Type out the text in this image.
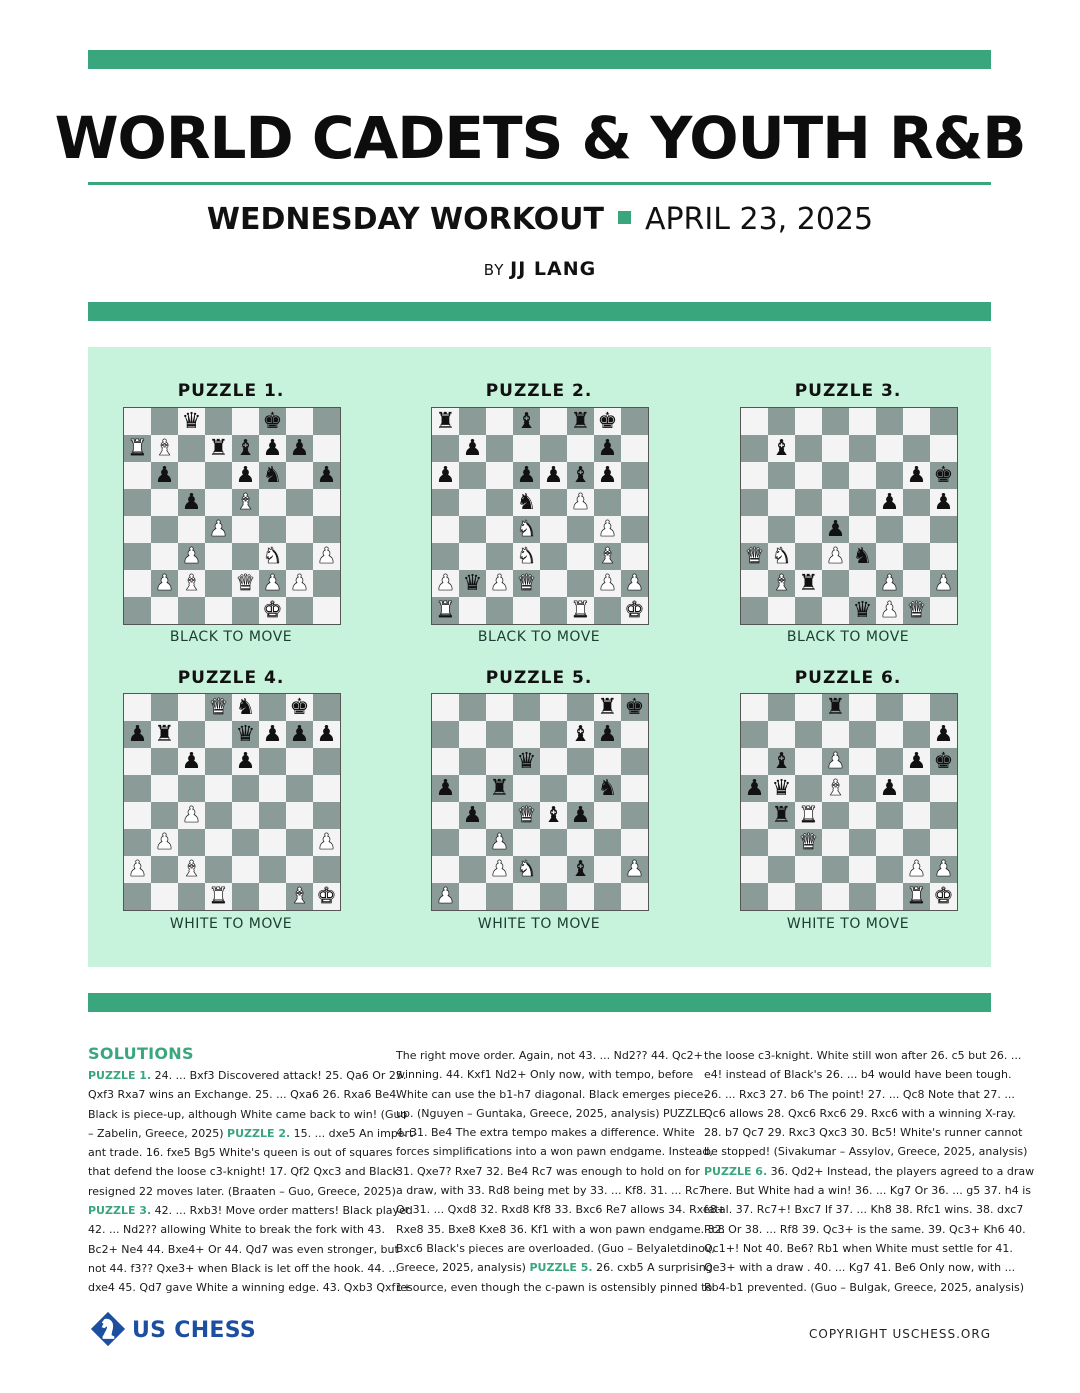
WORLD CADETS & YOUTH R&B
WEDNESDAY WORKOUT APRIL 23, 2025
BY JJ LANG
PUZZLE 1.
♛	♚
♜ ♝ ♜ ♝ ♟ ♟
♟	♟ ♞ ♟
♟ ♝
♟
♟	♞ ♟
♟ ♝ ♛ ♟ ♟
♚
BLACK TO MOVE
PUZZLE 2.
♜	♝ ♜ ♚
♟	♟
♟	♟ ♟ ♝ ♟
♞ ♟
♞	♟
♞	♝
♟ ♛ ♟ ♛	♟ ♟
♜	♜ ♚
BLACK TO MOVE
PUZZLE 3.
♝
♟ ♚
♟ ♟
♟
♛ ♞ ♟ ♞
♝ ♜	♟ ♟
♛ ♟ ♛
BLACK TO MOVE
PUZZLE 4.
♛ ♞ ♚
♟ ♜	♛ ♟ ♟ ♟
♟ ♟
♟
♟	♟
♟ ♝
♜	♝ ♚
WHITE TO MOVE
PUZZLE 5.
♜ ♚
♝ ♟
♛
♟ ♜	♞
♟ ♛ ♝ ♟
♟
♟ ♞ ♝ ♟
♟
WHITE TO MOVE
PUZZLE 6.
♜
♟
♝ ♟	♟ ♚
♟ ♛ ♝ ♟
♜ ♜
♛
♟ ♟
♜ ♚
WHITE TO MOVE
SOLUTIONS
PUZZLE 1. 24. ... Bxf3 Discovered attack! 25. Qa6 Or 25.
Qxf3 Rxa7 wins an Exchange. 25. ... Qxa6 26. Rxa6 Be4
Black is piece-up, although White came back to win! (Guo
– Zabelin, Greece, 2025) PUZZLE 2. 15. ... dxe5 An import-
ant trade. 16. fxe5 Bg5 White's queen is out of squares
that defend the loose c3-knight! 17. Qf2 Qxc3 and Black
resigned 22 moves later. (Braaten – Guo, Greece, 2025)
PUZZLE 3. 42. ... Rxb3! Move order matters! Black played
42. ... Nd2?? allowing White to break the fork with 43.
Bc2+ Ne4 44. Bxe4+ Or 44. Qd7 was even stronger, but
not 44. f3?? Qxe3+ when Black is let off the hook. 44. ...
dxe4 45. Qd7 gave White a winning edge. 43. Qxb3 Qxf1+
The right move order. Again, not 43. ... Nd2?? 44. Qc2+
winning. 44. Kxf1 Nd2+ Only now, with tempo, before
White can use the b1-h7 diagonal. Black emerges piece-
up. (Nguyen – Guntaka, Greece, 2025, analysis) PUZZLE
4. 31. Be4 The extra tempo makes a difference. White
forces simplifications into a won pawn endgame. Instead,
31. Qxe7? Rxe7 32. Be4 Rc7 was enough to hold on for
a draw, with 33. Rd8 being met by 33. ... Kf8. 31. ... Rc7
Or 31. ... Qxd8 32. Rxd8 Kf8 33. Bxc6 Re7 allows 34. Rxe8+
Rxe8 35. Bxe8 Kxe8 36. Kf1 with a won pawn endgame. 32.
Bxc6 Black's pieces are overloaded. (Guo – Belyaletdinov,
Greece, 2025, analysis) PUZZLE 5. 26. cxb5 A surprising
resource, even though the c-pawn is ostensibly pinned to
the loose c3-knight. White still won after 26. c5 but 26. ...
e4! instead of Black's 26. ... b4 would have been tough.
26. ... Rxc3 27. b6 The point! 27. ... Qc8 Note that 27. ...
Qc6 allows 28. Qxc6 Rxc6 29. Rxc6 with a winning X-ray.
28. b7 Qc7 29. Rxc3 Qxc3 30. Bc5! White's runner cannot
be stopped! (Sivakumar – Assylov, Greece, 2025, analysis)
PUZZLE 6. 36. Qd2+ Instead, the players agreed to a draw
here. But White had a win! 36. ... Kg7 Or 36. ... g5 37. h4 is
fatal. 37. Rc7+! Bxc7 If 37. ... Kh8 38. Rfc1 wins. 38. dxc7
Rc8 Or 38. ... Rf8 39. Qc3+ is the same. 39. Qc3+ Kh6 40.
Qc1+! Not 40. Be6? Rb1 when White must settle for 41.
Qe3+ with a draw . 40. ... Kg7 41. Be6 Only now, with ...
Rb4-b1 prevented. (Guo – Bulgak, Greece, 2025, analysis)
US CHESS	COPYRIGHT USCHESS.ORG
